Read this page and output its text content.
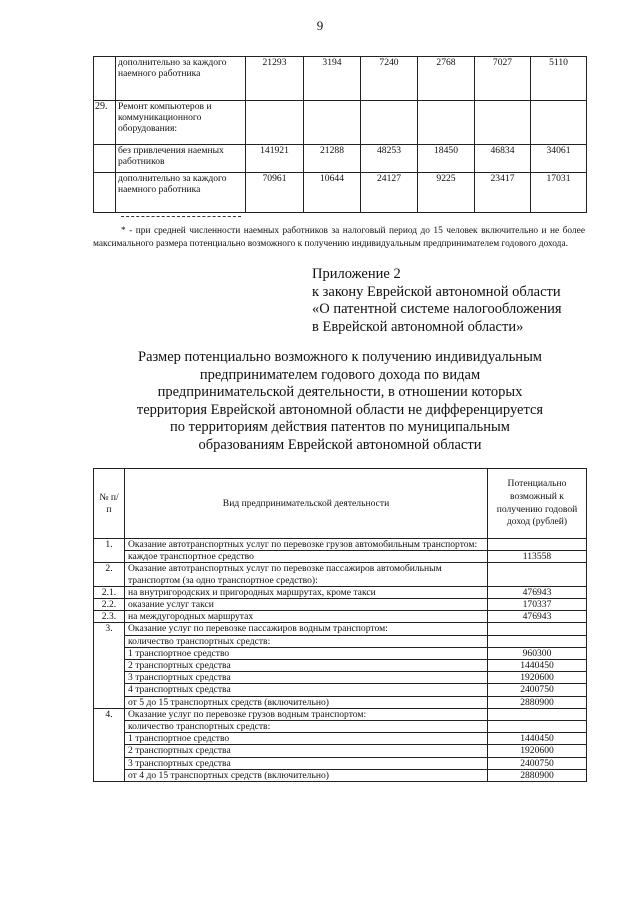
9
	дополнительно за каждого наемного работника	21293	3194	7240	2768	7027	5110
29.	Ремонт компьютеров и коммуникационного оборудования:						
	без привлечения наемных работников	141921	21288	48253	18450	46834	34061
	дополнительно за каждого наемного работника	70961	10644	24127	9225	23417	17031
* - при средней численности наемных работников за налоговый период до 15 человек включительно и не более максимального размера потенциально возможного к получению индивидуальным предпринимателем годового дохода.
Приложение 2
к закону Еврейской автономной области
«О патентной системе налогообложения
в Еврейской автономной области»
Размер потенциально возможного к получению индивидуальным
предпринимателем годового дохода по видам
предпринимательской деятельности, в отношении которых
территория Еврейской автономной области не дифференцируется
по территориям действия патентов по муниципальным
образованиям Еврейской автономной области
№ п/п	Вид предпринимательской деятельности	Потенциально возможный к получению годовой доход (рублей)
1.	Оказание автотранспортных услуг по перевозке грузов автомобильным транспортом:	
	каждое транспортное средство	113558
2.	Оказание автотранспортных услуг по перевозке пассажиров автомобильным транспортом (за одно транспортное средство):	
2.1.	на внутригородских и пригородных маршрутах, кроме такси	476943
2.2.	оказание услуг такси	170337
2.3.	на междугородных маршрутах	476943
3.	Оказание услуг по перевозке пассажиров водным транспортом:	
	количество транспортных средств:	
	1 транспортное средство	960300
	2 транспортных средства	1440450
	3 транспортных средства	1920600
	4 транспортных средства	2400750
	от 5 до 15 транспортных средств (включительно)	2880900
4.	Оказание услуг по перевозке грузов водным транспортом:	
	количество транспортных средств:	
	1 транспортное средство	1440450
	2 транспортных средства	1920600
	3 транспортных средства	2400750
	от 4 до 15 транспортных средств (включительно)	2880900
